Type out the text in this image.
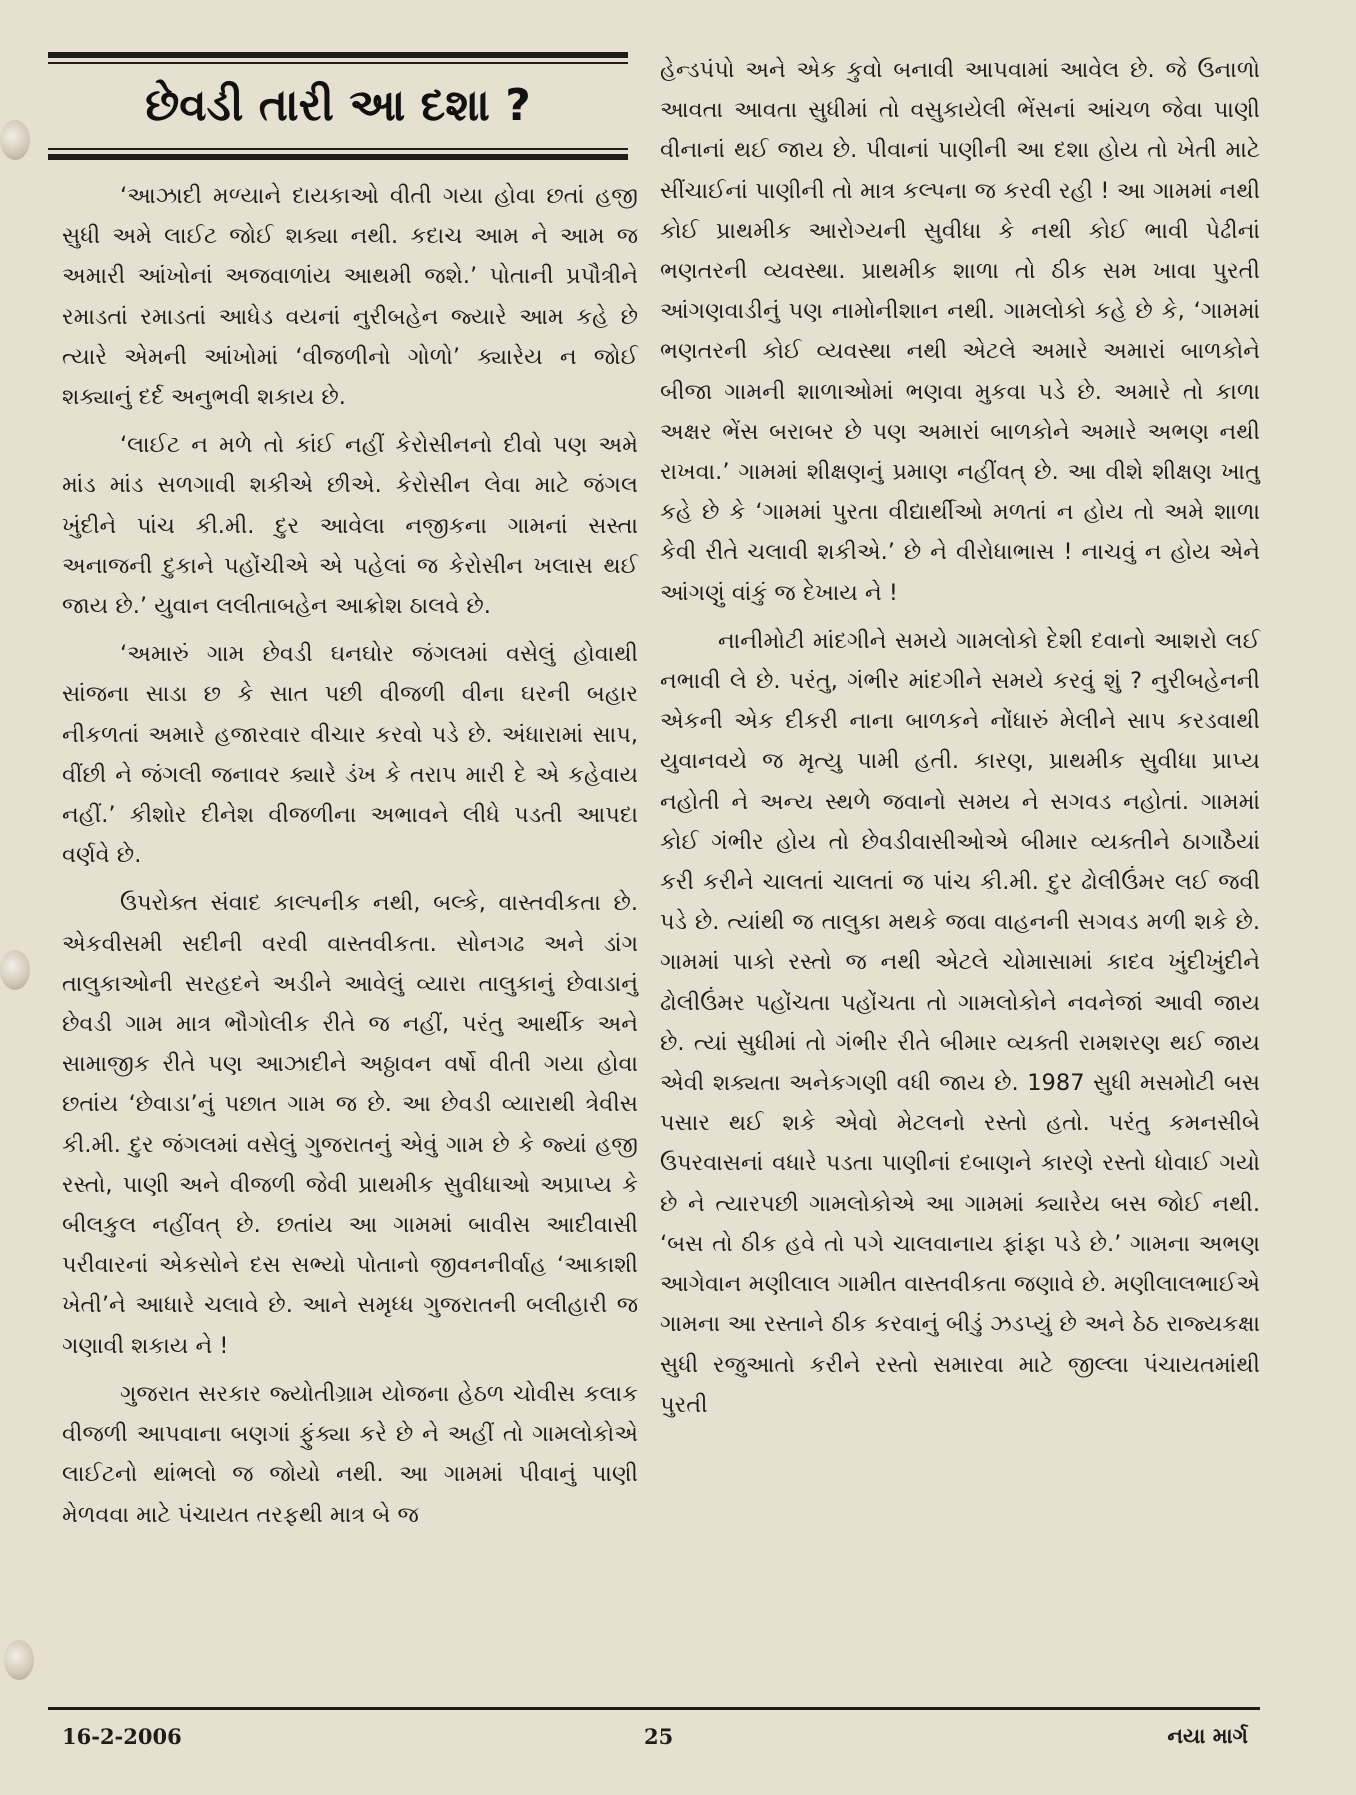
છેવડી તારી આ દશા ?

‘આઝાદી મળ્યાને દાયકાઓ વીતી ગયા હોવા છતાં હજી સુધી અમે લાઈટ જોઈ શક્યા નથી. કદાચ આમ ને આમ જ અમારી આંખોનાં અજવાળાંય આથમી જશે.’ પોતાની પ્રપૌત્રીને રમાડતાં રમાડતાં આધેડ વયનાં નુરીબહેન જ્યારે આમ કહે છે ત્યારે એમની આંખોમાં ‘વીજળીનો ગોળો’ ક્યારેય ન જોઈ શક્યાનું દર્દ અનુભવી શકાય છે.

‘લાઈટ ન મળે તો કાંઈ નહીં કેરોસીનનો દીવો પણ અમે માંડ માંડ સળગાવી શકીએ છીએ. કેરોસીન લેવા માટે જંગલ ખુંદીને પાંચ કી.મી. દુર આવેલા નજીકના ગામનાં સસ્તા અનાજની દુકાને પહોંચીએ એ પહેલાં જ કેરોસીન ખલાસ થઈ જાય છે.’ યુવાન લલીતાબહેન આક્રોશ ઠાલવે છે.

‘અમારું ગામ છેવડી ઘનઘોર જંગલમાં વસેલું હોવાથી સાંજના સાડા છ કે સાત પછી વીજળી વીના ઘરની બહાર નીકળતાં અમારે હજારવાર વીચાર કરવો પડે છે. અંધારામાં સાપ, વીંછી ને જંગલી જનાવર ક્યારે ડંખ કે તરાપ મારી દે એ કહેવાય નહીં.’ કીશોર દીનેશ વીજળીના અભાવને લીધે પડતી આપદા વર્ણવે છે.

ઉપરોક્ત સંવાદ કાલ્પનીક નથી, બલ્કે, વાસ્તવીકતા છે. એકવીસમી સદીની વરવી વાસ્તવીકતા. સોનગઢ અને ડાંગ તાલુકાઓની સરહદને અડીને આવેલું વ્યારા તાલુકાનું છેવાડાનું છેવડી ગામ માત્ર ભૌગોલીક રીતે જ નહીં, પરંતુ આર્થીક અને સામાજીક રીતે પણ આઝાદીને અઠ્ઠાવન વર્ષો વીતી ગયા હોવા છતાંય ‘છેવાડા’નું પછાત ગામ જ છે. આ છેવડી વ્યારાથી ત્રેવીસ કી.મી. દુર જંગલમાં વસેલું ગુજરાતનું એવું ગામ છે કે જ્યાં હજી રસ્તો, પાણી અને વીજળી જેવી પ્રાથમીક સુવીધાઓ અપ્રાપ્ય કે બીલકુલ નહીંવત્ છે. છતાંય આ ગામમાં બાવીસ આદીવાસી પરીવારનાં એકસોને દસ સભ્યો પોતાનો જીવનનીર્વાહ ‘આકાશી ખેતી’ને આધારે ચલાવે છે. આને સમૃધ્ધ ગુજરાતની બલીહારી જ ગણાવી શકાય ને !

ગુજરાત સરકાર જ્યોતીગ્રામ યોજના હેઠળ ચોવીસ કલાક વીજળી આપવાના બણગાં ફુંક્યા કરે છે ને અહીં તો ગામલોકોએ લાઈટનો થાંભલો જ જોયો નથી. આ ગામમાં પીવાનું પાણી મેળવવા માટે પંચાયત તરફથી માત્ર બે જ

હેન્ડપંપો અને એક કુવો બનાવી આપવામાં આવેલ છે. જે ઉનાળો આવતા આવતા સુધીમાં તો વસુકાયેલી ભેંસનાં આંચળ જેવા પાણી વીનાનાં થઈ જાય છે. પીવાનાં પાણીની આ દશા હોય તો ખેતી માટે સીંચાઈનાં પાણીની તો માત્ર કલ્પના જ કરવી રહી ! આ ગામમાં નથી કોઈ પ્રાથમીક આરોગ્યની સુવીધા કે નથી કોઈ ભાવી પેઢીનાં ભણતરની વ્યવસ્થા. પ્રાથમીક શાળા તો ઠીક સમ ખાવા પુરતી આંગણવાડીનું પણ નામોનીશાન નથી. ગામલોકો કહે છે કે, ‘ગામમાં ભણતરની કોઈ વ્યવસ્થા નથી એટલે અમારે અમારાં બાળકોને બીજા ગામની શાળાઓમાં ભણવા મુકવા પડે છે. અમારે તો કાળા અક્ષર ભેંસ બરાબર છે પણ અમારાં બાળકોને અમારે અભણ નથી રાખવા.’ ગામમાં શીક્ષણનું પ્રમાણ નહીંવત્ છે. આ વીશે શીક્ષણ ખાતુ કહે છે કે ‘ગામમાં પુરતા વીદ્યાર્થીઓ મળતાં ન હોય તો અમે શાળા કેવી રીતે ચલાવી શકીએ.’ છે ને વીરોધાભાસ ! નાચવું ન હોય એને આંગણું વાંકું જ દેખાય ને !

નાનીમોટી માંદગીને સમયે ગામલોકો દેશી દવાનો આશરો લઈ નભાવી લે છે. પરંતુ, ગંભીર માંદગીને સમયે કરવું શું ? નુરીબહેનની એકની એક દીકરી નાના બાળકને નોંધારું મેલીને સાપ કરડવાથી યુવાનવયે જ મૃત્યુ પામી હતી. કારણ, પ્રાથમીક સુવીધા પ્રાપ્ય નહોતી ને અન્ય સ્થળે જવાનો સમય ને સગવડ નહોતાં. ગામમાં કોઈ ગંભીર હોય તો છેવડીવાસીઓએ બીમાર વ્યક્તીને ઠાગાઠૈયાં કરી કરીને ચાલતાં ચાલતાં જ પાંચ કી.મી. દુર ઢોલીઉંમર લઈ જવી પડે છે. ત્યાંથી જ તાલુકા મથકે જવા વાહનની સગવડ મળી શકે છે. ગામમાં પાકો રસ્તો જ નથી એટલે ચોમાસામાં કાદવ ખુંદીખુંદીને ઢોલીઉંમર પહોંચતા પહોંચતા તો ગામલોકોને નવનેજાં આવી જાય છે. ત્યાં સુધીમાં તો ગંભીર રીતે બીમાર વ્યક્તી રામશરણ થઈ જાય એવી શક્યતા અનેકગણી વધી જાય છે. 1987 સુધી મસમોટી બસ પસાર થઈ શકે એવો મેટલનો રસ્તો હતો. પરંતુ કમનસીબે ઉપરવાસનાં વધારે પડતા પાણીનાં દબાણને કારણે રસ્તો ધોવાઈ ગયો છે ને ત્યારપછી ગામલોકોએ આ ગામમાં ક્યારેય બસ જોઈ નથી. ‘બસ તો ઠીક હવે તો પગે ચાલવાનાય ફાંફા પડે છે.’ ગામના અભણ આગેવાન મણીલાલ ગામીત વાસ્તવીકતા જણાવે છે. મણીલાલભાઈએ ગામના આ રસ્તાને ઠીક કરવાનું બીડું ઝડપ્યું છે અને ઠેઠ રાજ્યકક્ષા સુધી રજુઆતો કરીને રસ્તો સમારવા માટે જીલ્લા પંચાયતમાંથી પુરતી

16-2-2006	25	નયા માર્ગ
